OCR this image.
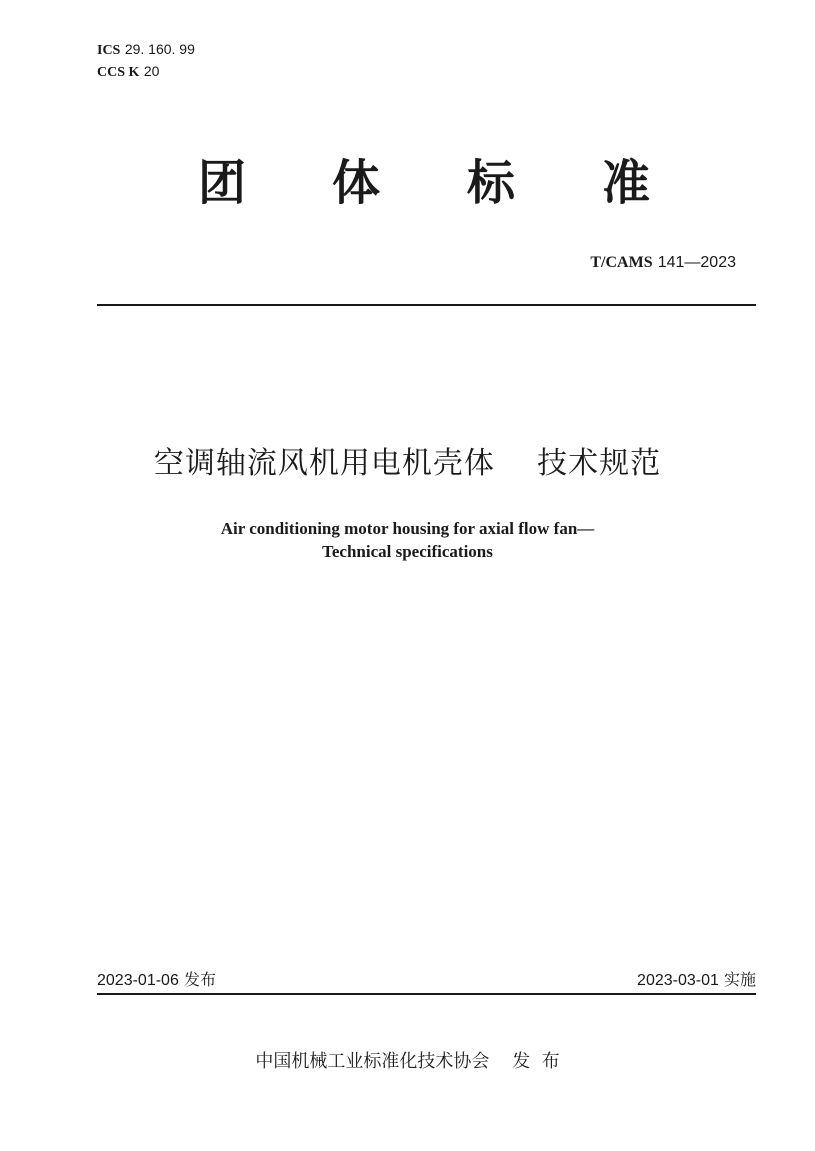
ICS 29. 160. 99
CCS K 20
团 体 标 准
T/CAMS 141—2023
空调轴流风机用电机壳体    技术规范
Air conditioning motor housing for axial flow fan—
Technical specifications
2023-01-06 发布	2023-03-01 实施
中国机械工业标准化技术协会    发  布
